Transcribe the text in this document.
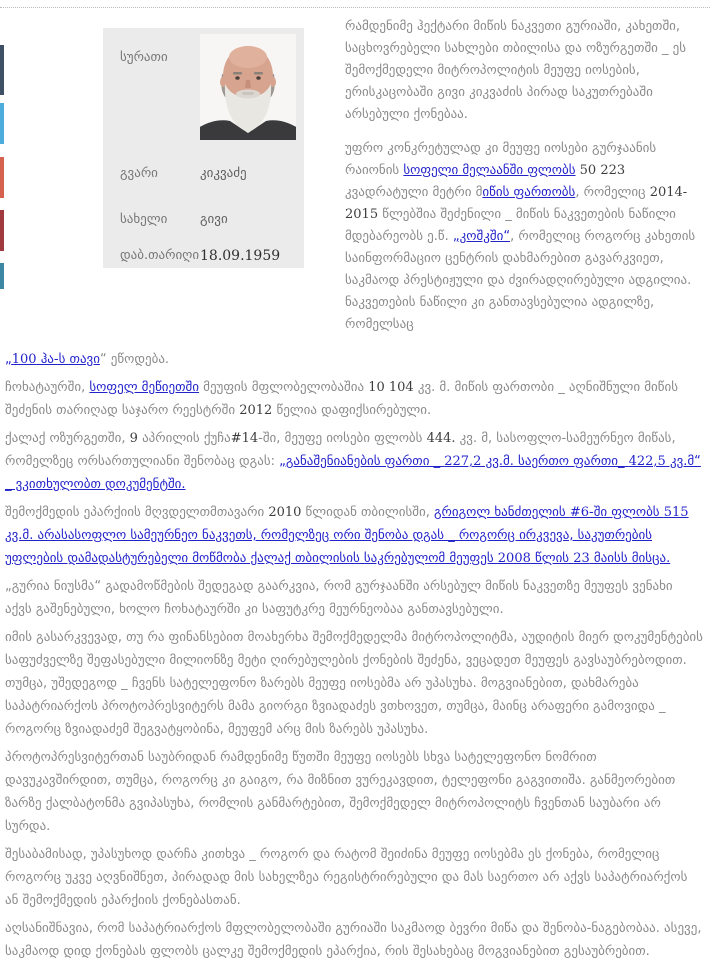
სურათი
გვარი	კიკვაძე
სახელი	გივი
დაბ.თარიღი 18.09.1959

რამდენიმე ჰექტარი მიწის ნაკვეთი გურიაში, კახეთში, საცხოვრებელი სახლები თბილისა და ოზურგეთში _ ეს შემოქმედელი მიტროპოლიტის მეუფე იოსების, ერისკაცობაში გივი კიკვაძის პირად საკუთრებაში არსებული ქონებაა.

უფრო კონკრეტულად კი მეუფე იოსები გურჯაანის რაიონის სოფელი მელაანში ფლობს 50 223 კვადრატული მეტრი მიწის ფართობს, რომელიც 2014-2015 წლებშია შეძენილი _ მიწის ნაკვეთების ნაწილი მდებარეობს ე.წ. „კოშკში“, რომელიც როგორც კახეთის საინფორმაციო ცენტრის დახმარებით გავარკვიეთ, საკმაოდ პრესტიჟული და ძვირადღირებული ადგილია. ნაკვეთების ნაწილი კი განთავსებულია ადგილზე, რომელსაც

„100 ჰა-ს თავი“ ეწოდება.

ჩოხატაურში, სოფელ მეწიეთში მეუფის მფლობელობაშია 10 104 კვ. მ. მიწის ფართობი _ აღნიშნული მიწის შეძენის თარიღად საჯარო რეესტრში 2012 წელია დაფიქსირებული.

ქალაქ ოზურგეთში, 9 აპრილის ქუჩა#14-ში, მეუფე იოსები ფლობს 444. კვ. მ, სასოფლო-სამეურნეო მიწას, რომელზეც ორსართულიანი შენობაც დგას: „განაშენიანების ფართი _ 227,2 კვ.მ. საერთო ფართი_ 422,5 კვ.მ“ _ ვკითხულობთ დოკუმენტში.

შემოქმედის ეპარქიის მღვდელთმთავარი 2010 წლიდან თბილისში, გრიგოლ ხანძთელის #6-ში ფლობს 515 კვ.მ. არასასოფლო სამეურნეო ნაკვეთს, რომელზეც ორი შენობა დგას _ როგორც ირკვევა, საკუთრების უფლების დამადასტურებელი მოწმობა ქალაქ თბილისის საკრებულომ მეუფეს 2008 წლის 23 მაისს მისცა.

„გურია ნიუსმა“ გადამოწმების შედეგად გაარკვია, რომ გურჯაანში არსებულ მიწის ნაკვეთზე მეუფეს ვენახი აქვს გაშენებული, ხოლო ჩოხატაურში კი საფუტკრე მეურნეობაა განთავსებული.

იმის გასარკვევად, თუ რა ფინანსებით მოახერხა შემოქმედელმა მიტროპოლიტმა, აუდიტის მიერ დოკუმენტების საფუძველზე შეფასებული მილიონზე მეტი ღირებულების ქონების შეძენა, ვეცადეთ მეუფეს გავსაუბრებოდით. თუმცა, უშედეგოდ _ ჩვენს სატელეფონო ზარებს მეუფე იოსებმა არ უპასუხა. მოგვიანებით, დახმარება საპატრიარქოს პროტოპრესვიტერს მამა გიორგი ზვიადაძეს ვთხოვეთ, თუმცა, მაინც არაფერი გამოვიდა _ როგორც ზვიადაძემ შეგვატყობინა, მეუფემ არც მის ზარებს უპასუხა.

პროტოპრესვიტერთან საუბრიდან რამდენიმე წუთში მეუფე იოსებს სხვა სატელეფონო ნომრით დავუკავშირდით, თუმცა, როგორც კი გაიგო, რა მიზნით ვურეკავდით, ტელეფონი გაგვითიშა. განმეორებით ზარზე ქალბატონმა გვიპასუხა, რომლის განმარტებით, შემოქმედელ მიტროპოლიტს ჩვენთან საუბარი არ სურდა.

შესაბამისად, უპასუხოდ დარჩა კითხვა _ როგორ და რატომ შეიძინა მეუფე იოსებმა ეს ქონება, რომელიც როგორც უკვე აღვნიშნეთ, პირადად მის სახელზეა რეგისტრირებული და მას საერთო არ აქვს საპატრიარქოს ან შემოქმედის ეპარქიის ქონებასთან.

აღსანიშნავია, რომ საპატრიარქოს მფლობელობაში გურიაში საკმაოდ ბევრი მიწა და შენობა-ნაგებობაა. ასევე, საკმაოდ დიდ ქონებას ფლობს ცალკე შემოქმედის ეპარქია, რის შესახებაც მოგვიანებით გესაუბრებით.
